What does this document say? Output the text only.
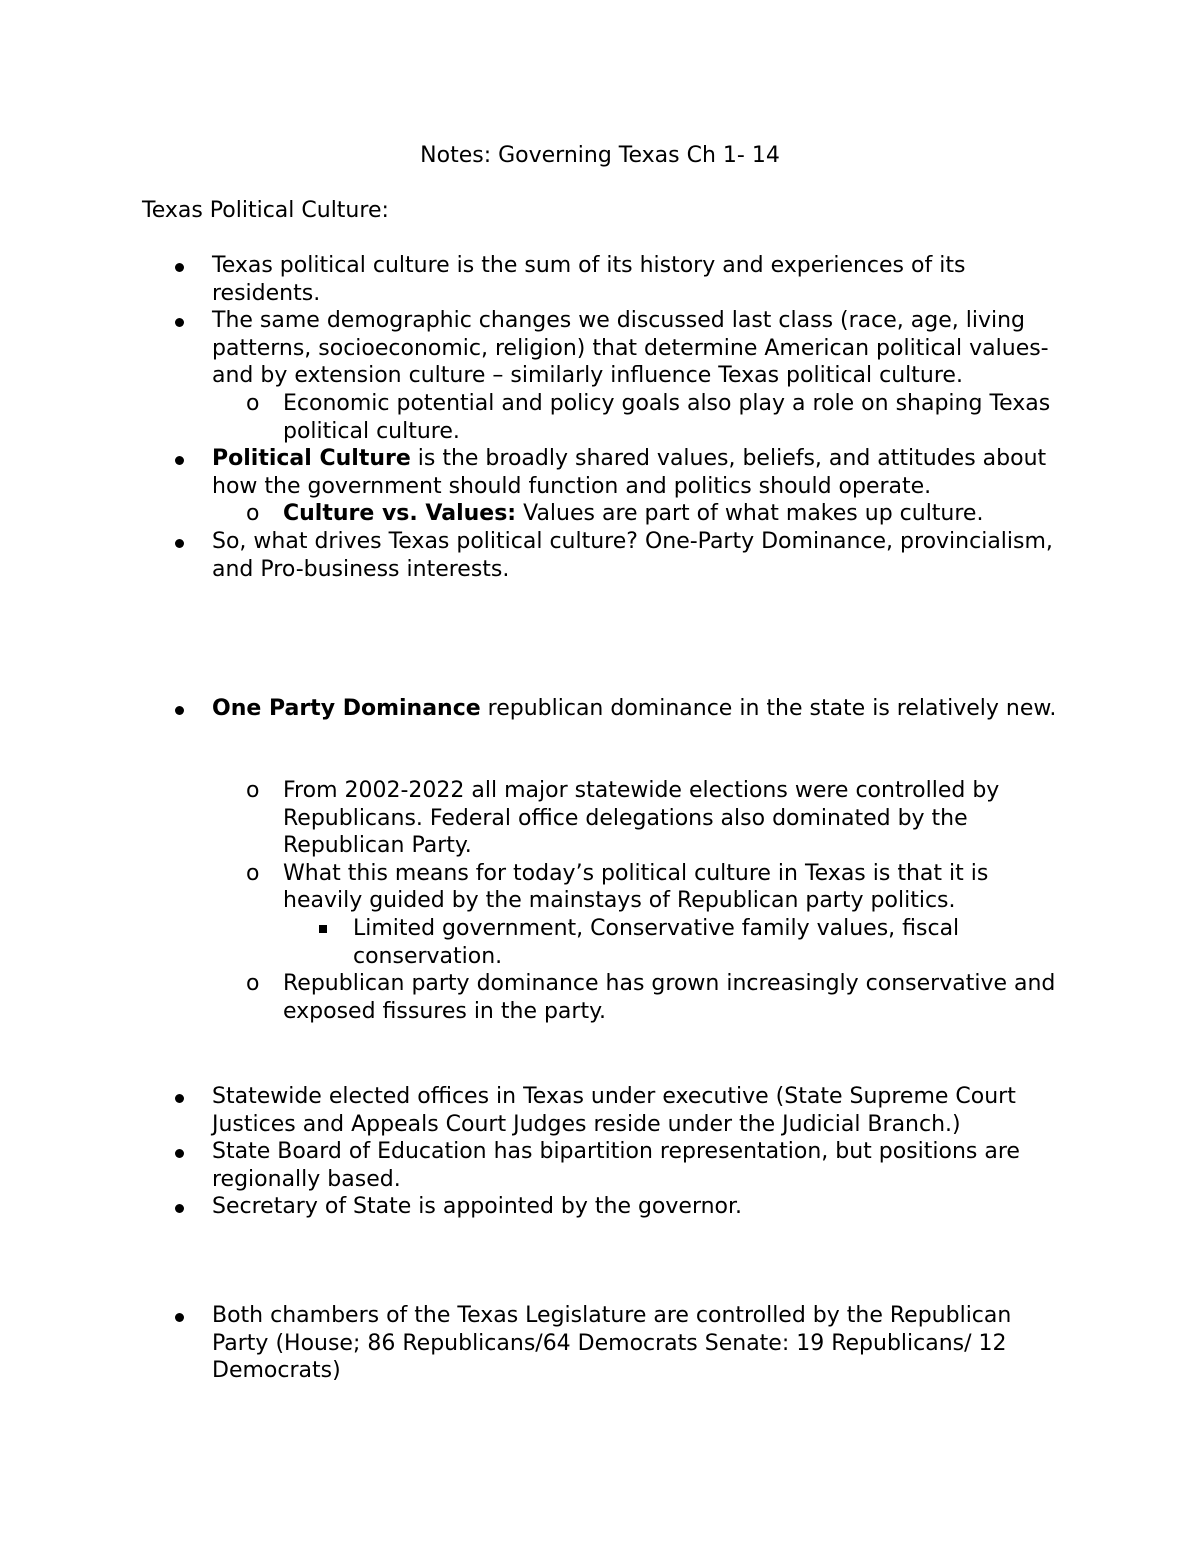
Notes: Governing Texas Ch 1- 14
Texas Political Culture:
Texas political culture is the sum of its history and experiences of its residents.
The same demographic changes we discussed last class (race, age, living patterns, socioeconomic, religion) that determine American political values- and by extension culture – similarly influence Texas political culture.
o Economic potential and policy goals also play a role on shaping Texas political culture.
Political Culture is the broadly shared values, beliefs, and attitudes about how the government should function and politics should operate.
o Culture vs. Values: Values are part of what makes up culture.
So, what drives Texas political culture? One-Party Dominance, provincialism, and Pro-business interests.
One Party Dominance republican dominance in the state is relatively new.
o From 2002-2022 all major statewide elections were controlled by Republicans. Federal office delegations also dominated by the Republican Party.
o What this means for today’s political culture in Texas is that it is heavily guided by the mainstays of Republican party politics.
Limited government, Conservative family values, fiscal conservation.
o Republican party dominance has grown increasingly conservative and exposed fissures in the party.
Statewide elected offices in Texas under executive (State Supreme Court Justices and Appeals Court Judges reside under the Judicial Branch.)
State Board of Education has bipartition representation, but positions are regionally based.
Secretary of State is appointed by the governor.
Both chambers of the Texas Legislature are controlled by the Republican Party (House; 86 Republicans/64 Democrats Senate: 19 Republicans/ 12 Democrats)
